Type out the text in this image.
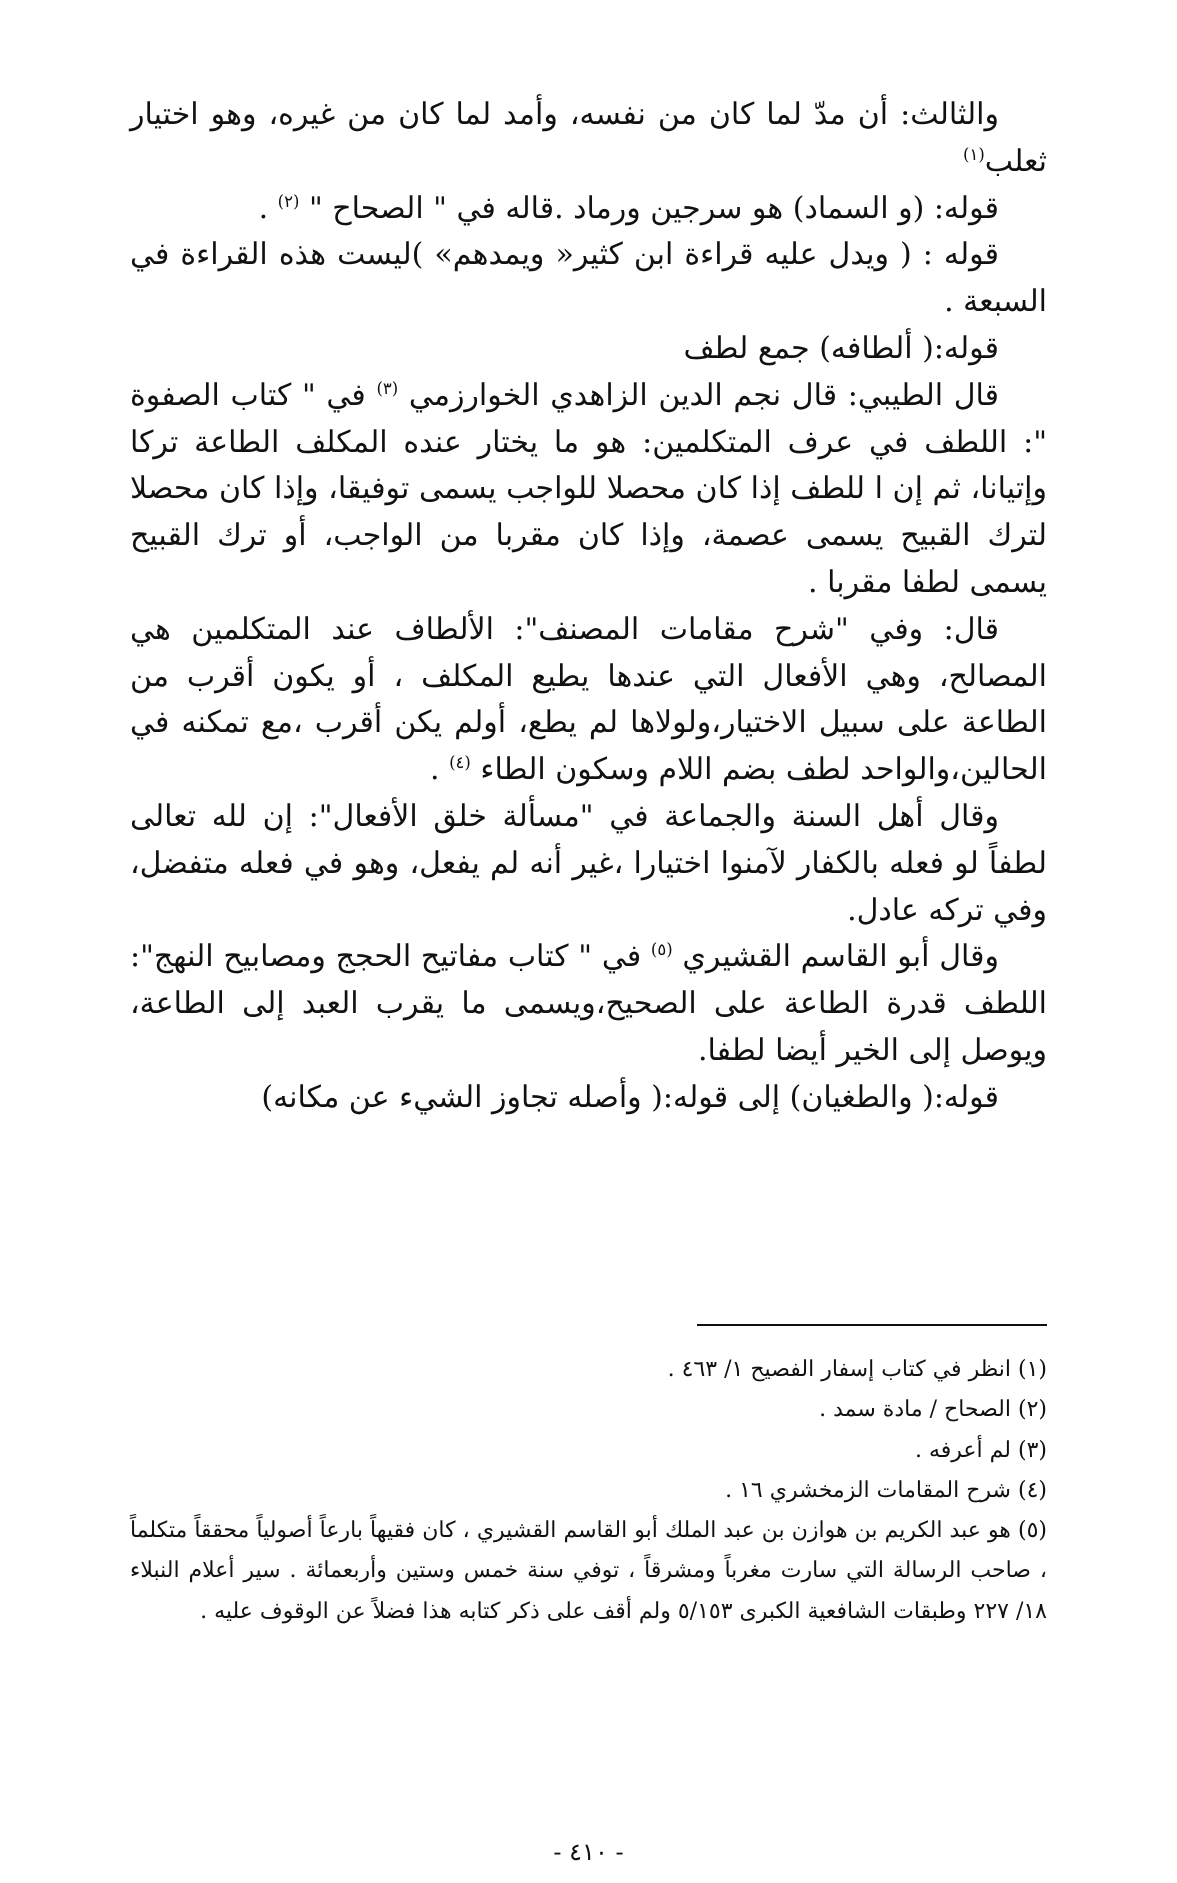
والثالث: أن مدّ لما كان من نفسه، وأمد لما كان من غيره، وهو اختيار ثعلب$^{(١)}$

قوله: (و السماد) هو سرجين ورماد .قاله في " الصحاح " $^{(٢)}$ .

قوله : ( ويدل عليه قراءة ابن كثير« ويمدهم» )ليست هذه القراءة في السبعة .

قوله:( ألطافه) جمع لطف

قال الطيبي: قال نجم الدين الزاهدي الخوارزمي $^{(٣)}$ في " كتاب الصفوة ": اللطف في عرف المتكلمين: هو ما يختار عنده المكلف الطاعة تركا وإتيانا، ثم إن ا للطف إذا كان محصلا للواجب يسمى توفيقا، وإذا كان محصلا لترك القبيح يسمى عصمة، وإذا كان مقربا من الواجب، أو ترك القبيح يسمى لطفا مقربا .

قال: وفي "شرح مقامات المصنف": الألطاف عند المتكلمين هي المصالح، وهي الأفعال التي عندها يطيع المكلف ، أو يكون أقرب من الطاعة على سبيل الاختيار،ولولاها لم يطع، أولم يكن أقرب ،مع تمكنه في الحالين،والواحد لطف بضم اللام وسكون الطاء $^{(٤)}$ .

وقال أهل السنة والجماعة في "مسألة خلق الأفعال": إن لله تعالى لطفاً لو فعله بالكفار لآمنوا اختيارا ،غير أنه لم يفعل، وهو في فعله متفضل، وفي تركه عادل.

وقال أبو القاسم القشيري $^{(٥)}$ في " كتاب مفاتيح الحجج ومصابيح النهج": اللطف قدرة الطاعة على الصحيح،ويسمى ما يقرب العبد إلى الطاعة، ويوصل إلى الخير أيضا لطفا.

قوله:( والطغيان) إلى قوله:( وأصله تجاوز الشيء عن مكانه)

(١) انظر في كتاب إسفار الفصيح ١/ ٤٦٣ .

(٢) الصحاح / مادة سمد .

(٣) لم أعرفه .

(٤) شرح المقامات الزمخشري ١٦ .

(٥) هو عبد الكريم بن هوازن بن عبد الملك أبو القاسم القشيري ، كان فقيهاً بارعاً أصولياً محققاً متكلماً ، صاحب الرسالة التي سارت مغرباً ومشرقاً ، توفي سنة خمس وستين وأربعمائة . سير أعلام النبلاء ١٨/ ٢٢٧ وطبقات الشافعية الكبرى ٥/١٥٣ ولم أقف على ذكر كتابه هذا فضلاً عن الوقوف عليه .

- ٤١٠ -
